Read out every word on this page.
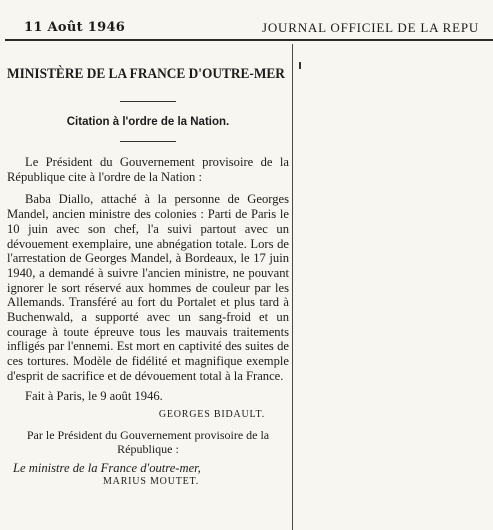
11 Août 1946	JOURNAL OFFICIEL DE LA REPU
MINISTÈRE DE LA FRANCE D'OUTRE-MER
Citation à l'ordre de la Nation.

Le Président du Gouvernement provisoire de la République cite à l'ordre de la Nation :

Baba Diallo, attaché à la personne de Georges Mandel, ancien ministre des colonies : Parti de Paris le 10 juin avec son chef, l'a suivi partout avec un dévouement exemplaire, une abnégation totale. Lors de l'arrestation de Georges Mandel, à Bordeaux, le 17 juin 1940, a demandé à suivre l'ancien ministre, ne pouvant ignorer le sort réservé aux hommes de couleur par les Allemands. Transféré au fort du Portalet et plus tard à Buchenwald, a supporté avec un sang-froid et un courage à toute épreuve tous les mauvais traitements infligés par l'ennemi. Est mort en captivité des suites de ces tortures. Modèle de fidélité et magnifique exemple d'esprit de sacrifice et de dévouement total à la France.

Fait à Paris, le 9 août 1946.

GEORGES BIDAULT.
Par le Président du Gouvernement provisoire de la République :
Le ministre de la France d'outre-mer,
MARIUS MOUTET.
